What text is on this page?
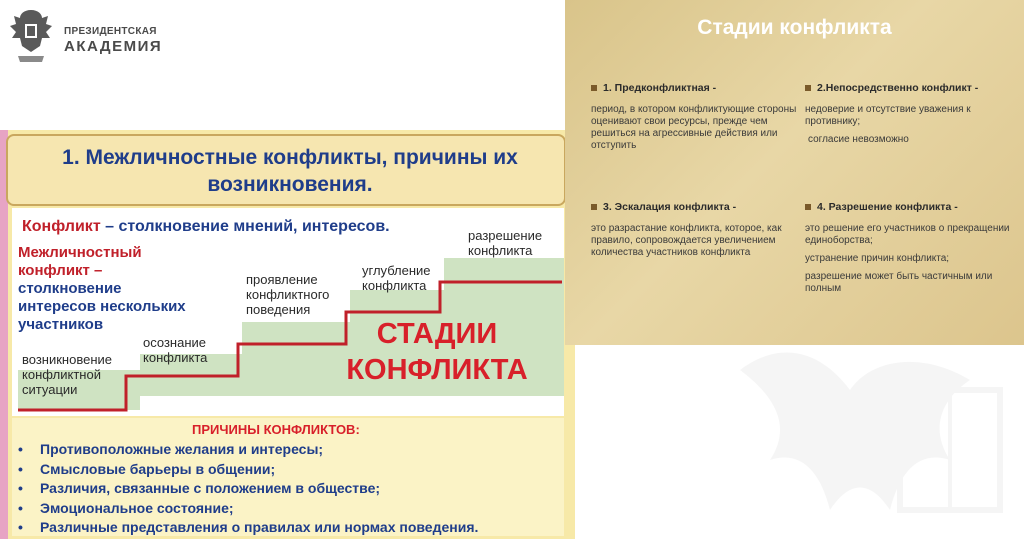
ПРЕЗИДЕНТСКАЯ
АКАДЕМИЯ
1. Межличностные конфликты, причины их возникновения.
Конфликт – столкновение мнений, интересов.
Межличностный конфликт – столкновение интересов нескольких участников
возникновение конфликтной ситуации
осознание конфликта
проявление конфликтного поведения
углубление конфликта
разрешение конфликта
СТАДИИ КОНФЛИКТА
ПРИЧИНЫ КОНФЛИКТОВ:
• Противоположные желания и интересы;
• Смысловые барьеры в общении;
• Различия, связанные с положением в обществе;
• Эмоциональное состояние;
• Различные представления о правилах или нормах поведения.
Стадии конфликта
1. Предконфликтная -

период, в котором конфликтующие стороны оценивают свои ресурсы, прежде чем решиться на агрессивные действия или отступить

2.Непосредственно конфликт -

недоверие и отсутствие уважения к противнику;

согласие невозможно

3. Эскалация конфликта -

это разрастание конфликта, которое, как правило, сопровождается увеличением количества участников конфликта

4. Разрешение конфликта -

это решение его участников о прекращении единоборства;

устранение причин конфликта;

разрешение может быть частичным или полным
